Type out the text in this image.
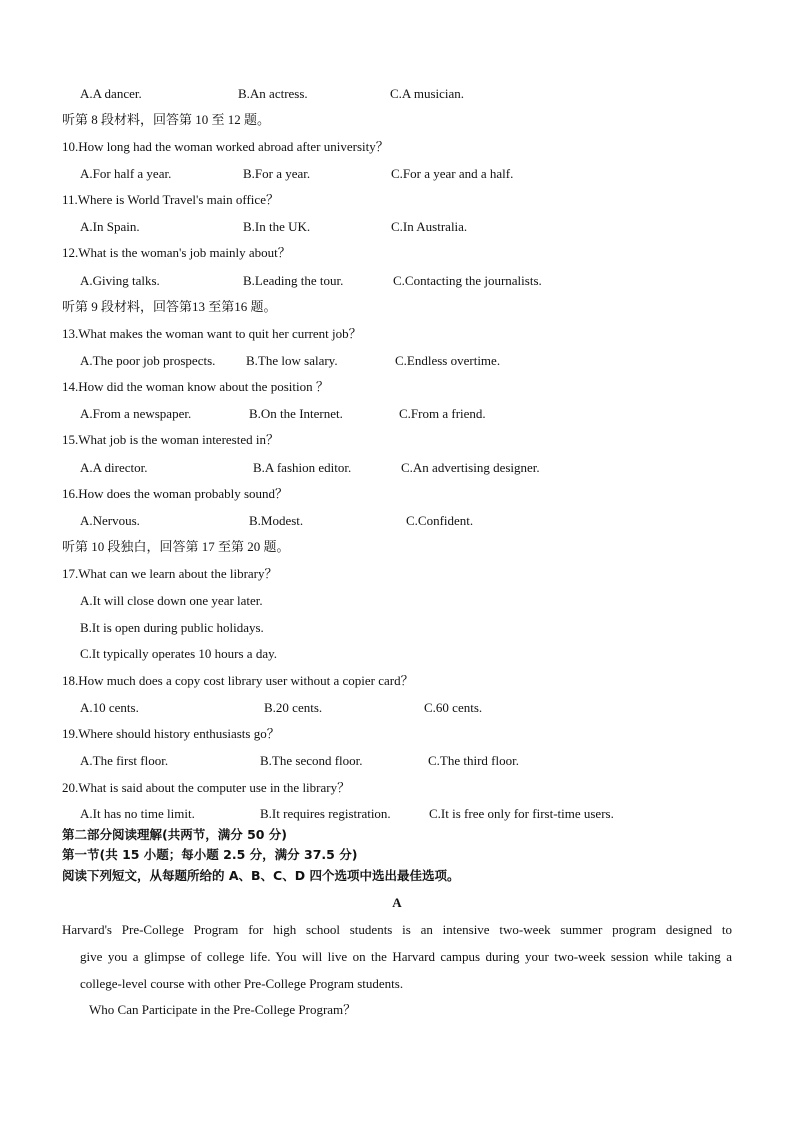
A.A dancer.	B.An actress.	C.A musician.
听第 8 段材料，回答第 10 至 12 题。
10.How long had the woman worked abroad after university？
A.For half a year.	B.For a year.	C.For a year and a half.
11.Where is World Travel's main office？
A.In Spain.	B.In the UK.	C.In Australia.
12.What is the woman's job mainly about？
A.Giving talks.	B.Leading the tour.	C.Contacting the journalists.
听第 9 段材料，回答第13 至第16 题。
13.What makes the woman want to quit her current job？
A.The poor job prospects. B.The low salary.	C.Endless overtime.
14.How did the woman know about the position ？
A.From a newspaper.	B.On the Internet.	C.From a friend.
15.What job is the woman interested in？
A.A director.	B.A fashion editor.	C.An advertising designer.
16.How does the woman probably sound？
A.Nervous.	B.Modest.	C.Confident.
听第 10 段独白，回答第 17 至第 20 题。
17.What can we learn about the library？
A.It will close down one year later.
B.It is open during public holidays.
C.It typically operates 10 hours a day.
18.How much does a copy cost library user without a copier card？
A.10 cents.	B.20 cents.	C.60 cents.
19.Where should history enthusiasts go？
A.The first floor.	B.The second floor.	C.The third floor.
20.What is said about the computer use in the library？
A.It has no time limit.	B.It requires registration.	C.It is free only for first-time users.
第二部分阅读理解(共两节，满分 50 分)
第一节(共 15 小题；每小题 2.5 分，满分 37.5 分)
阅读下列短文，从每题所给的 A、B、C、D 四个选项中选出最佳选项。
A
Harvard's Pre-College Program for high school students is an intensive two-week summer program designed to
give you a glimpse of college life. You will live on the Harvard campus during your two-week session while taking a college-level course with other Pre-College Program students.
Who Can Participate in the Pre-College Program？
